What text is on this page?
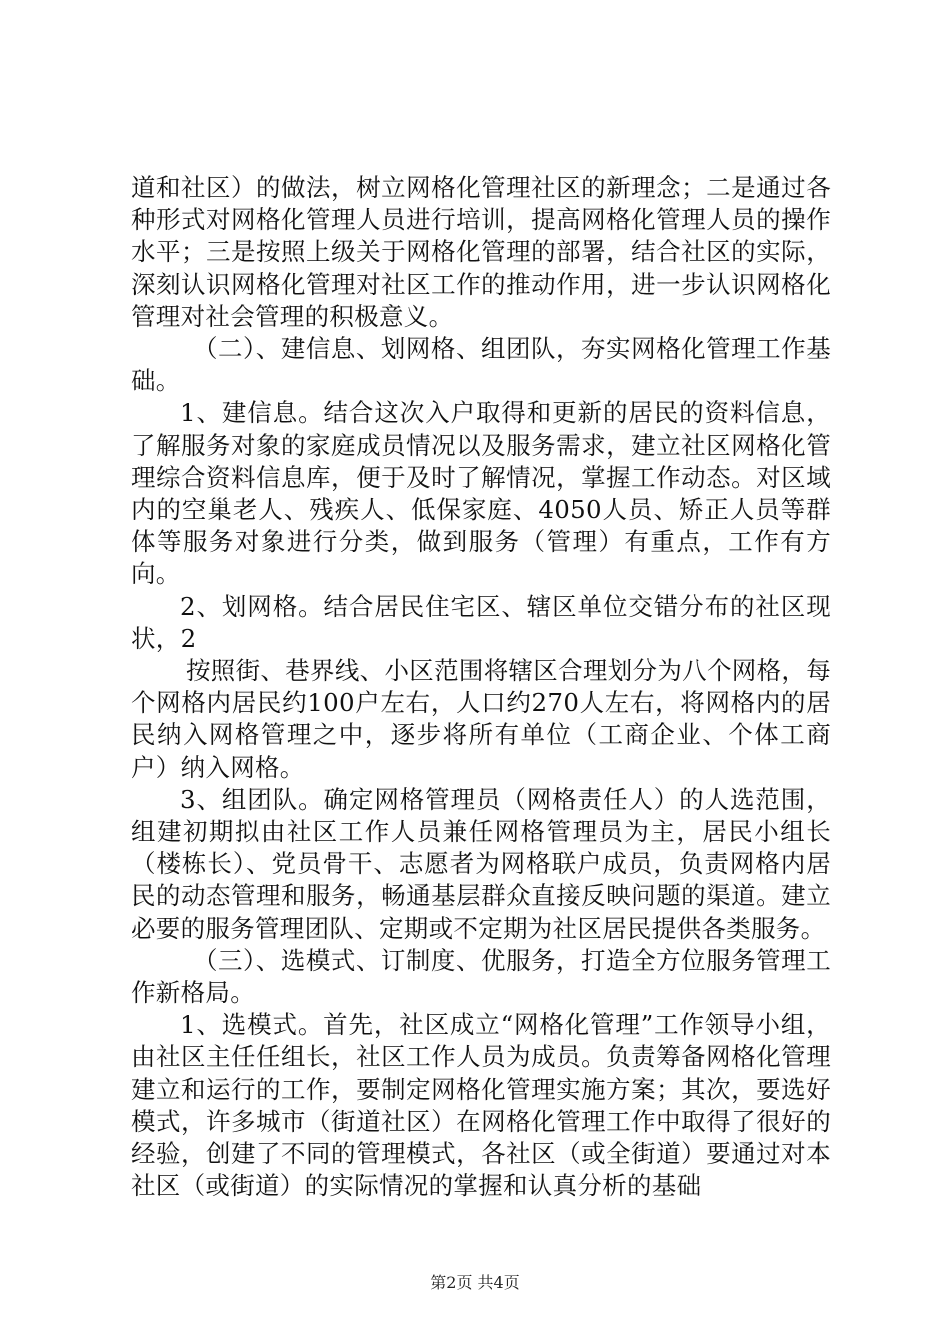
道和社区）的做法，树立网格化管理社区的新理念；二是通过各种形式对网格化管理人员进行培训，提高网格化管理人员的操作水平；三是按照上级关于网格化管理的部署，结合社区的实际，深刻认识网格化管理对社区工作的推动作用，进一步认识网格化管理对社会管理的积极意义。

（二）、建信息、划网格、组团队，夯实网格化管理工作基础。

1、建信息。结合这次入户取得和更新的居民的资料信息，了解服务对象的家庭成员情况以及服务需求，建立社区网格化管理综合资料信息库，便于及时了解情况，掌握工作动态。对区域内的空巢老人、残疾人、低保家庭、4050人员、矫正人员等群体等服务对象进行分类，做到服务（管理）有重点，工作有方向。

2、划网格。结合居民住宅区、辖区单位交错分布的社区现状，2

按照街、巷界线、小区范围将辖区合理划分为八个网格，每个网格内居民约100户左右，人口约270人左右，将网格内的居民纳入网格管理之中，逐步将所有单位（工商企业、个体工商户）纳入网格。

3、组团队。确定网格管理员（网格责任人）的人选范围，组建初期拟由社区工作人员兼任网格管理员为主，居民小组长（楼栋长）、党员骨干、志愿者为网格联户成员，负责网格内居民的动态管理和服务，畅通基层群众直接反映问题的渠道。建立必要的服务管理团队、定期或不定期为社区居民提供各类服务。

（三）、选模式、订制度、优服务，打造全方位服务管理工作新格局。

1、选模式。首先，社区成立“网格化管理”工作领导小组，由社区主任任组长，社区工作人员为成员。负责筹备网格化管理建立和运行的工作，要制定网格化管理实施方案；其次，要选好模式，许多城市（街道社区）在网格化管理工作中取得了很好的经验，创建了不同的管理模式，各社区（或全街道）要通过对本社区（或街道）的实际情况的掌握和认真分析的基础

第2页 共4页
